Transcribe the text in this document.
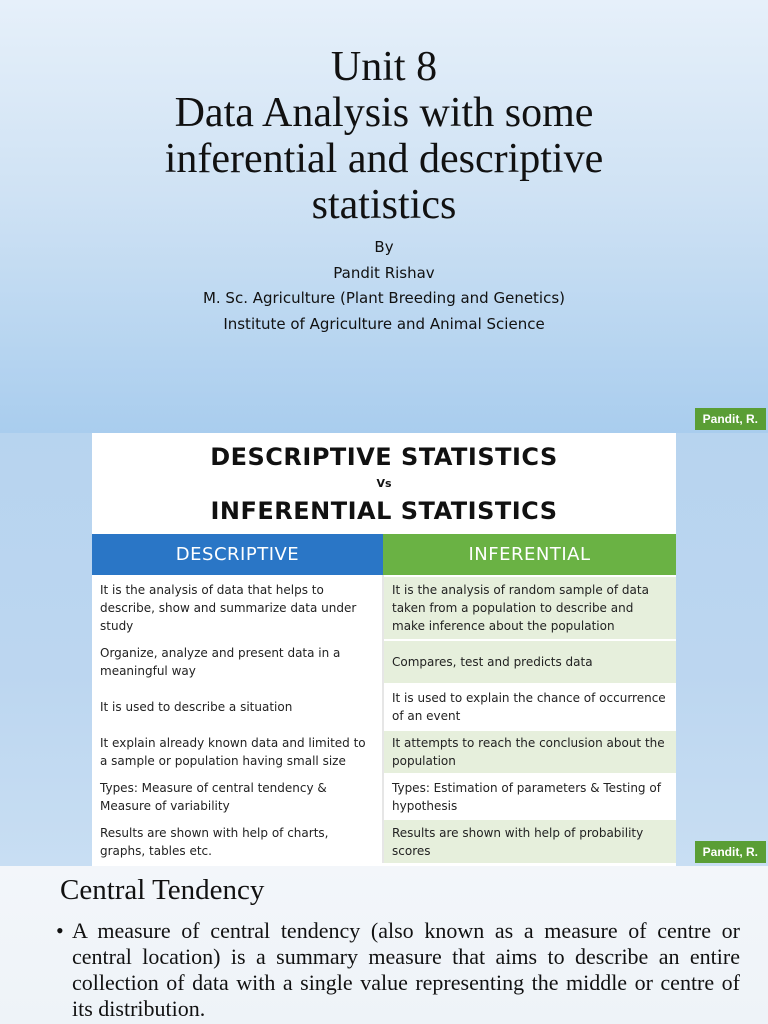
Unit 8
Data Analysis with some
inferential and descriptive
statistics
By
Pandit Rishav
M. Sc. Agriculture (Plant Breeding and Genetics)
Institute of Agriculture and Animal Science
Pandit, R.
DESCRIPTIVE STATISTICS
Vs
INFERENTIAL STATISTICS
DESCRIPTIVE	INFERENTIAL
It is the analysis of data that helps to describe, show and summarize data under study	It is the analysis of random sample of data taken from a population to describe and make inference about the population
Organize, analyze and present data in a meaningful way	Compares, test and predicts data
It is used to describe a situation	It is used to explain the chance of occurrence of an event
It explain already known data and limited to a sample or population having small size	It attempts to reach the conclusion about the population
Types: Measure of central tendency & Measure of variability	Types: Estimation of parameters & Testing of hypothesis
Results are shown with help of charts, graphs, tables etc.	Results are shown with help of probability scores	Pandit, R.
Central Tendency
• A measure of central tendency (also known as a measure of centre or central location) is a summary measure that aims to describe an entire collection of data with a single value representing the middle or centre of its distribution.
